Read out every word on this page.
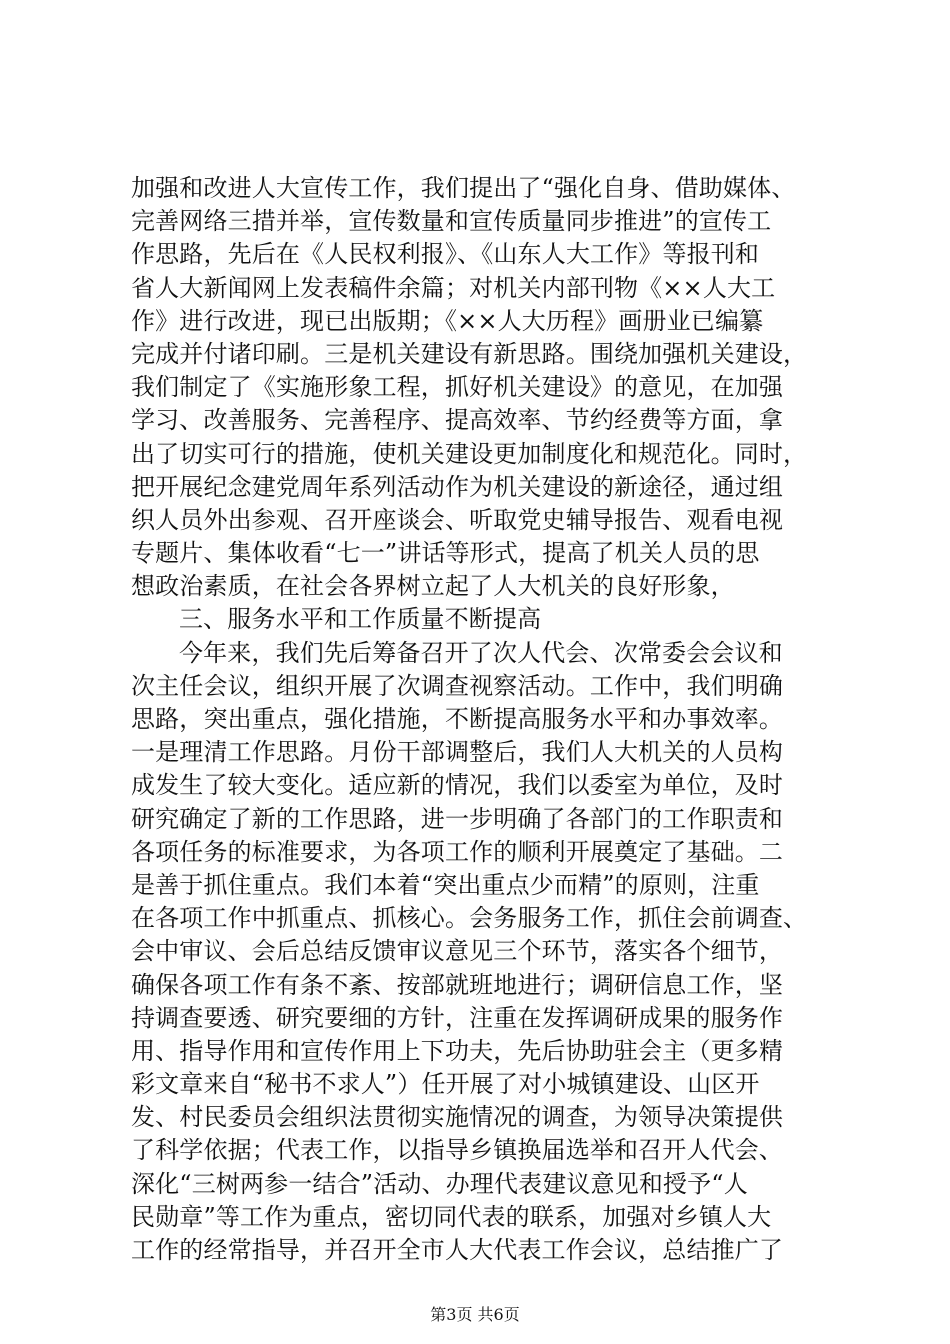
加强和改进人大宣传工作，我们提出了“强化自身、借助媒体、
完善网络三措并举，宣传数量和宣传质量同步推进”的宣传工
作思路，先后在《人民权利报》、《山东人大工作》等报刊和
省人大新闻网上发表稿件余篇；对机关内部刊物《××人大工
作》进行改进，现已出版期；《××人大历程》画册业已编纂
完成并付诸印刷。三是机关建设有新思路。围绕加强机关建设，
我们制定了《实施形象工程，抓好机关建设》的意见，在加强
学习、改善服务、完善程序、提高效率、节约经费等方面，拿
出了切实可行的措施，使机关建设更加制度化和规范化。同时，
把开展纪念建党周年系列活动作为机关建设的新途径，通过组
织人员外出参观、召开座谈会、听取党史辅导报告、观看电视
专题片、集体收看“七一”讲话等形式，提高了机关人员的思
想政治素质，在社会各界树立起了人大机关的良好形象，
三、服务水平和工作质量不断提高
今年来，我们先后筹备召开了次人代会、次常委会会议和
次主任会议，组织开展了次调查视察活动。工作中，我们明确
思路，突出重点，强化措施，不断提高服务水平和办事效率。
一是理清工作思路。月份干部调整后，我们人大机关的人员构
成发生了较大变化。适应新的情况，我们以委室为单位，及时
研究确定了新的工作思路，进一步明确了各部门的工作职责和
各项任务的标准要求，为各项工作的顺利开展奠定了基础。二
是善于抓住重点。我们本着“突出重点少而精”的原则，注重
在各项工作中抓重点、抓核心。会务服务工作，抓住会前调查、
会中审议、会后总结反馈审议意见三个环节，落实各个细节，
确保各项工作有条不紊、按部就班地进行；调研信息工作，坚
持调查要透、研究要细的方针，注重在发挥调研成果的服务作
用、指导作用和宣传作用上下功夫，先后协助驻会主（更多精
彩文章来自“秘书不求人”）任开展了对小城镇建设、山区开
发、村民委员会组织法贯彻实施情况的调查，为领导决策提供
了科学依据；代表工作，以指导乡镇换届选举和召开人代会、
深化“三树两参一结合”活动、办理代表建议意见和授予“人
民勋章”等工作为重点，密切同代表的联系，加强对乡镇人大
工作的经常指导，并召开全市人大代表工作会议，总结推广了
第3页 共6页
